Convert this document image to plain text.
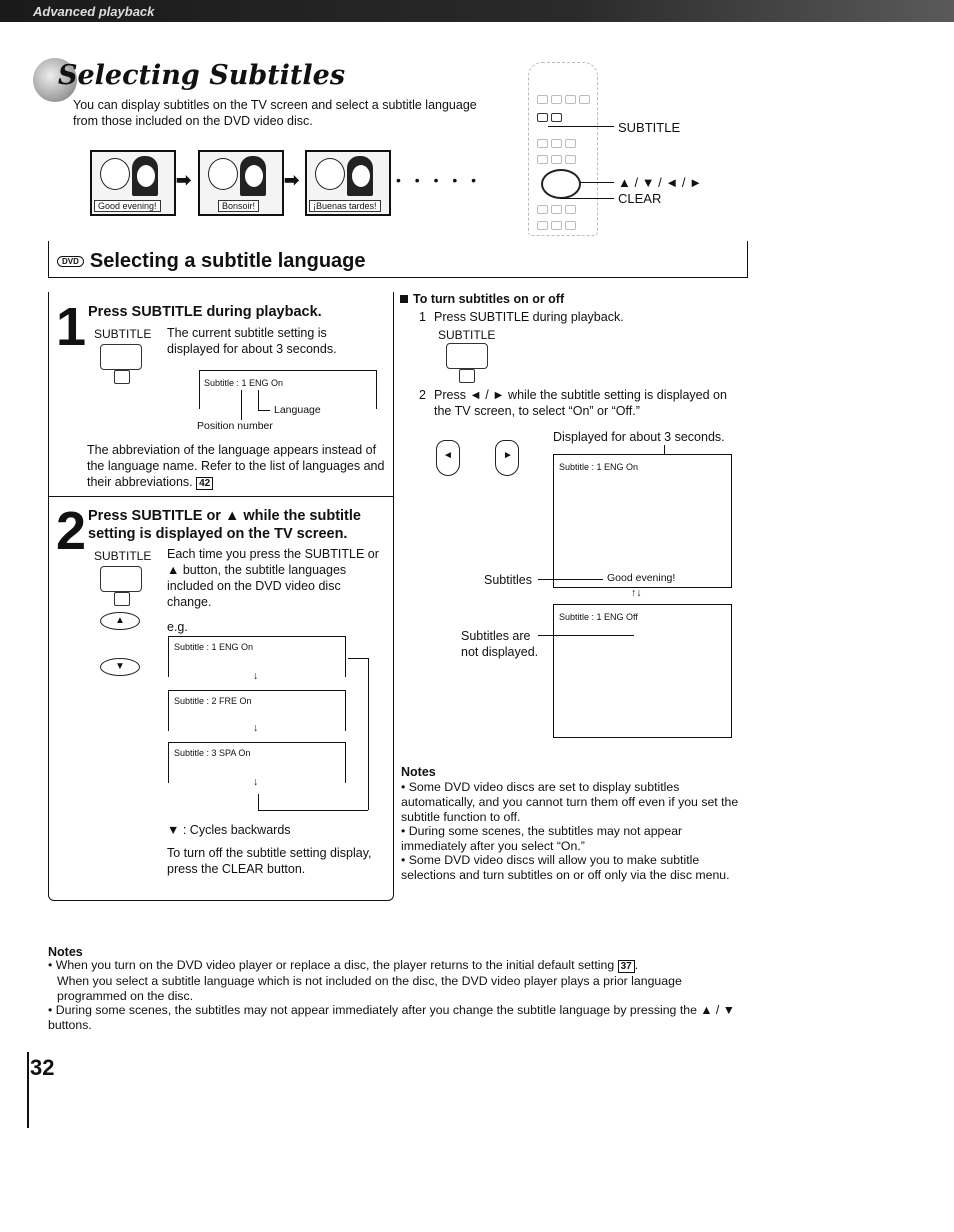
Advanced playback
Selecting Subtitles
You can display subtitles on the TV screen and select a subtitle language from those included on the DVD video disc.
Good evening!
➡
Bonsoir!
➡
¡Buenas tardes!
• • • • •
SUBTITLE
▲ / ▼ / ◄ / ►
CLEAR
DVD Selecting a subtitle language
1 Press SUBTITLE during playback.
SUBTITLE The current subtitle setting is displayed for about 3 seconds.
Subtitle : 1 ENG On
Language
Position number
The abbreviation of the language appears instead of the language name. Refer to the list of languages and their abbreviations. 42
2 Press SUBTITLE or ▲ while the subtitle setting is displayed on the TV screen.
SUBTITLE
▲
▼
Each time you press the SUBTITLE or ▲ button, the subtitle languages included on the DVD video disc change.
e.g.
Subtitle : 1 ENG On
↓
Subtitle : 2 FRE On
↓
Subtitle : 3 SPA On
↓
▼ : Cycles backwards
To turn off the subtitle setting display, press the CLEAR button.
To turn subtitles on or off
1 Press SUBTITLE during playback.
SUBTITLE
2 Press ◄ / ► while the subtitle setting is displayed on the TV screen, to select “On” or “Off.”
◄	►
Displayed for about 3 seconds.
Subtitle : 1 ENG On
Subtitles	Good evening!
↑↓
Subtitle : 1 ENG Off
Subtitles are not displayed.
Notes
• Some DVD video discs are set to display subtitles automatically, and you cannot turn them off even if you set the subtitle function to off.
• During some scenes, the subtitles may not appear immediately after you select “On.”
• Some DVD video discs will allow you to make subtitle selections and turn subtitles on or off only via the disc menu.
Notes
• When you turn on the DVD video player or replace a disc, the player returns to the initial default setting 37 .
When you select a subtitle language which is not included on the disc, the DVD video player plays a prior language programmed on the disc.
• During some scenes, the subtitles may not appear immediately after you change the subtitle language by pressing the ▲ / ▼ buttons.
32
